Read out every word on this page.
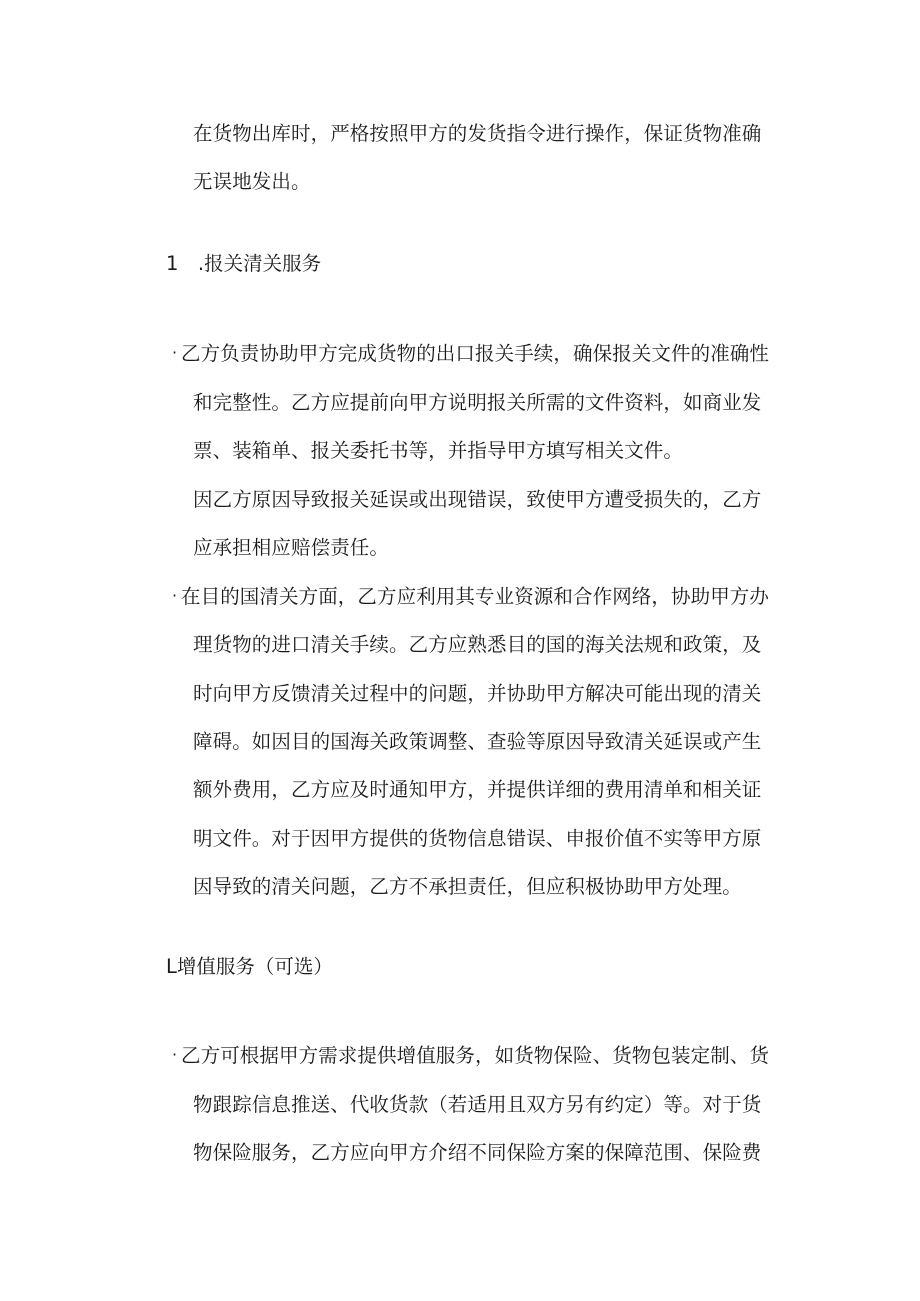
在货物出库时，严格按照甲方的发货指令进行操作，保证货物准确
无误地发出。
1　.报关清关服务
· 乙方负责协助甲方完成货物的出口报关手续，确保报关文件的准确性
和完整性。乙方应提前向甲方说明报关所需的文件资料，如商业发
票、装箱单、报关委托书等，并指导甲方填写相关文件。
因乙方原因导致报关延误或出现错误，致使甲方遭受损失的，乙方
应承担相应赔偿责任。
· 在目的国清关方面，乙方应利用其专业资源和合作网络，协助甲方办
理货物的进口清关手续。乙方应熟悉目的国的海关法规和政策，及
时向甲方反馈清关过程中的问题，并协助甲方解决可能出现的清关
障碍。如因目的国海关政策调整、查验等原因导致清关延误或产生
额外费用，乙方应及时通知甲方，并提供详细的费用清单和相关证
明文件。对于因甲方提供的货物信息错误、申报价值不实等甲方原
因导致的清关问题，乙方不承担责任，但应积极协助甲方处理。
L增值服务（可选）
· 乙方可根据甲方需求提供增值服务，如货物保险、货物包装定制、货
物跟踪信息推送、代收货款（若适用且双方另有约定）等。对于货
物保险服务，乙方应向甲方介绍不同保险方案的保障范围、保险费
